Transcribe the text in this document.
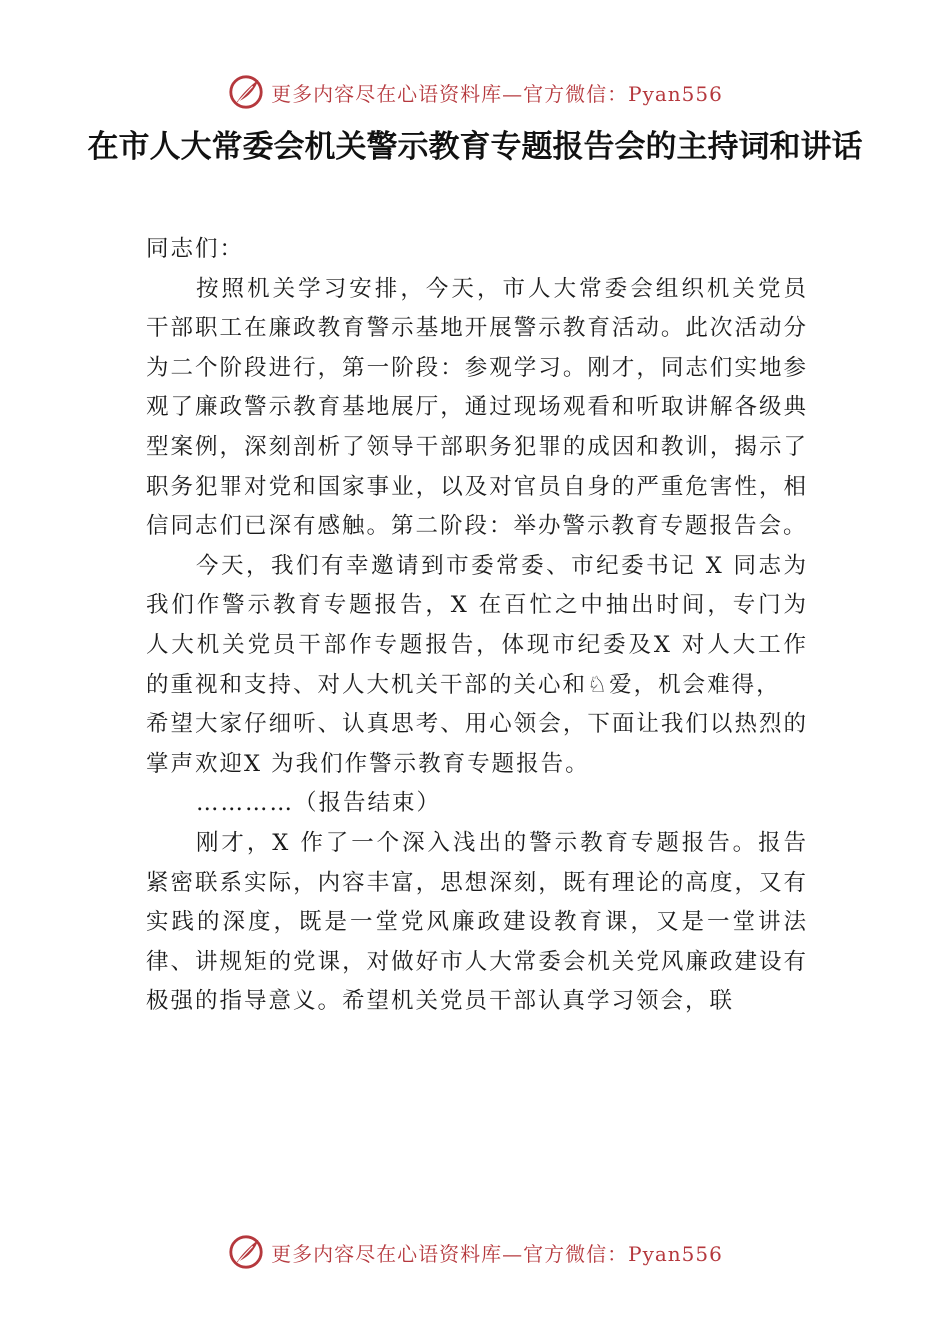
更多内容尽在心语资料库—官方微信：Pyan556
在市人大常委会机关警示教育专题报告会的主持词和讲话

同志们：

按照机关学习安排，今天，市人大常委会组织机关党员干部职工在廉政教育警示基地开展警示教育活动。此次活动分为二个阶段进行，第一阶段：参观学习。刚才，同志们实地参观了廉政警示教育基地展厅，通过现场观看和听取讲解各级典型案例，深刻剖析了领导干部职务犯罪的成因和教训，揭示了职务犯罪对党和国家事业，以及对官员自身的严重危害性，相信同志们已深有感触。第二阶段：举办警示教育专题报告会。

今天，我们有幸邀请到市委常委、市纪委书记 X 同志为我们作警示教育专题报告，X 在百忙之中抽出时间，专门为人大机关党员干部作专题报告，体现市纪委及X 对人大工作的重视和支持、对人大机关干部的关心和♘爱，机会难得，

希望大家仔细听、认真思考、用心领会，下面让我们以热烈的掌声欢迎X 为我们作警示教育专题报告。

…………（报告结束）

刚才，X 作了一个深入浅出的警示教育专题报告。报告紧密联系实际，内容丰富，思想深刻，既有理论的高度，又有实践的深度，既是一堂党风廉政建设教育课，又是一堂讲法律、讲规矩的党课，对做好市人大常委会机关党风廉政建设有极强的指导意义。希望机关党员干部认真学习领会，联

更多内容尽在心语资料库—官方微信：Pyan556
